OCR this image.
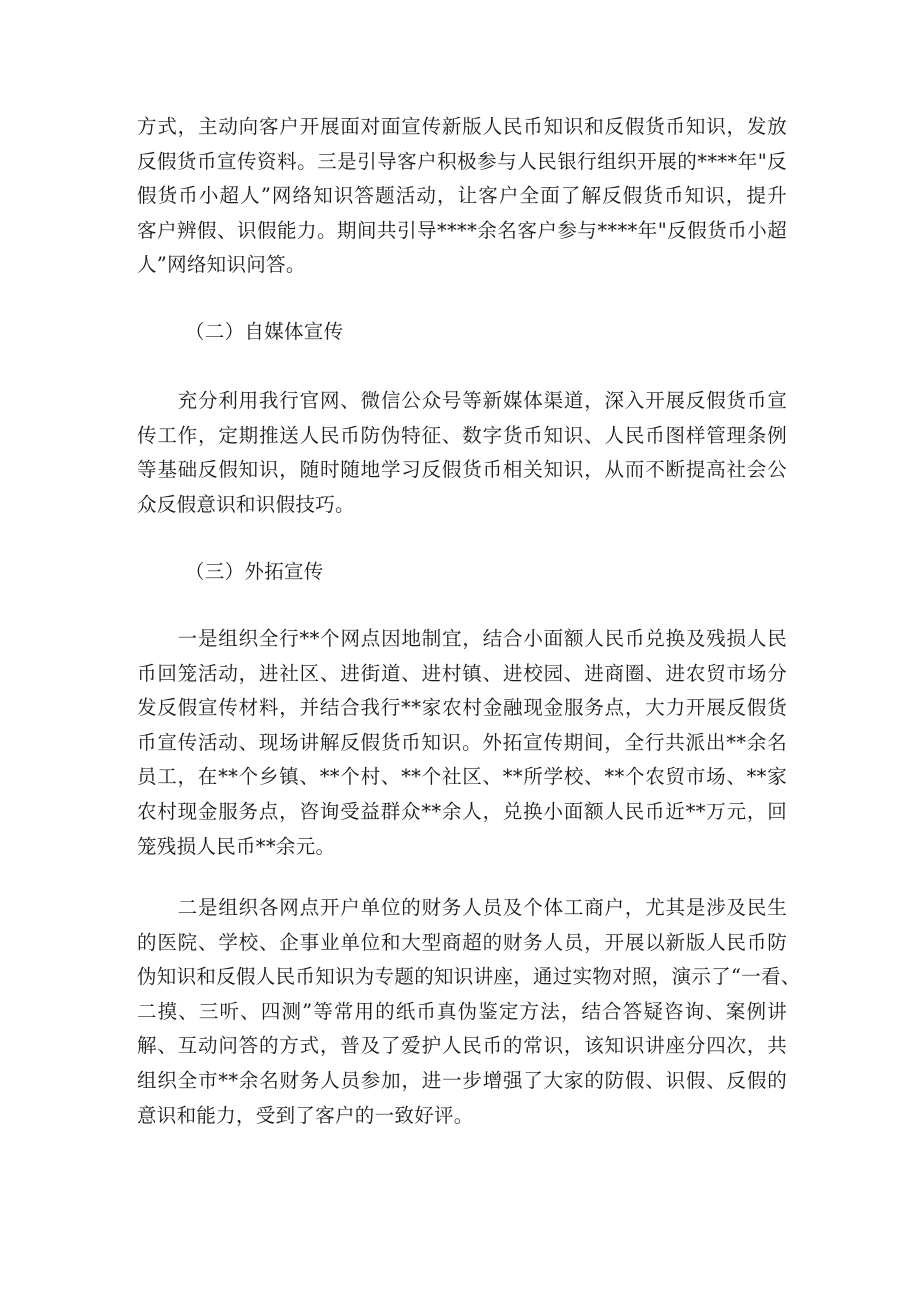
方式，主动向客户开展面对面宣传新版人民币知识和反假货币知识，发放
反假货币宣传资料。三是引导客户积极参与人民银行组织开展的****年"反
假货币小超人”网络知识答题活动，让客户全面了解反假货币知识，提升
客户辨假、识假能力。期间共引导****余名客户参与****年"反假货币小超
人”网络知识问答。
（二）自媒体宣传
　　充分利用我行官网、微信公众号等新媒体渠道，深入开展反假货币宣
传工作，定期推送人民币防伪特征、数字货币知识、人民币图样管理条例
等基础反假知识，随时随地学习反假货币相关知识，从而不断提高社会公
众反假意识和识假技巧。
（三）外拓宣传
　　一是组织全行**个网点因地制宜，结合小面额人民币兑换及残损人民
币回笼活动，进社区、进街道、进村镇、进校园、进商圈、进农贸市场分
发反假宣传材料，并结合我行**家农村金融现金服务点，大力开展反假货
币宣传活动、现场讲解反假货币知识。外拓宣传期间，全行共派出**余名
员工，在**个乡镇、**个村、**个社区、**所学校、**个农贸市场、**家
农村现金服务点，咨询受益群众**余人，兑换小面额人民币近**万元，回
笼残损人民币**余元。
　　二是组织各网点开户单位的财务人员及个体工商户，尤其是涉及民生
的医院、学校、企事业单位和大型商超的财务人员，开展以新版人民币防
伪知识和反假人民币知识为专题的知识讲座，通过实物对照，演示了“一看、
二摸、三听、四测”等常用的纸币真伪鉴定方法，结合答疑咨询、案例讲
解、互动问答的方式，普及了爱护人民币的常识，该知识讲座分四次，共
组织全市**余名财务人员参加，进一步增强了大家的防假、识假、反假的
意识和能力，受到了客户的一致好评。
